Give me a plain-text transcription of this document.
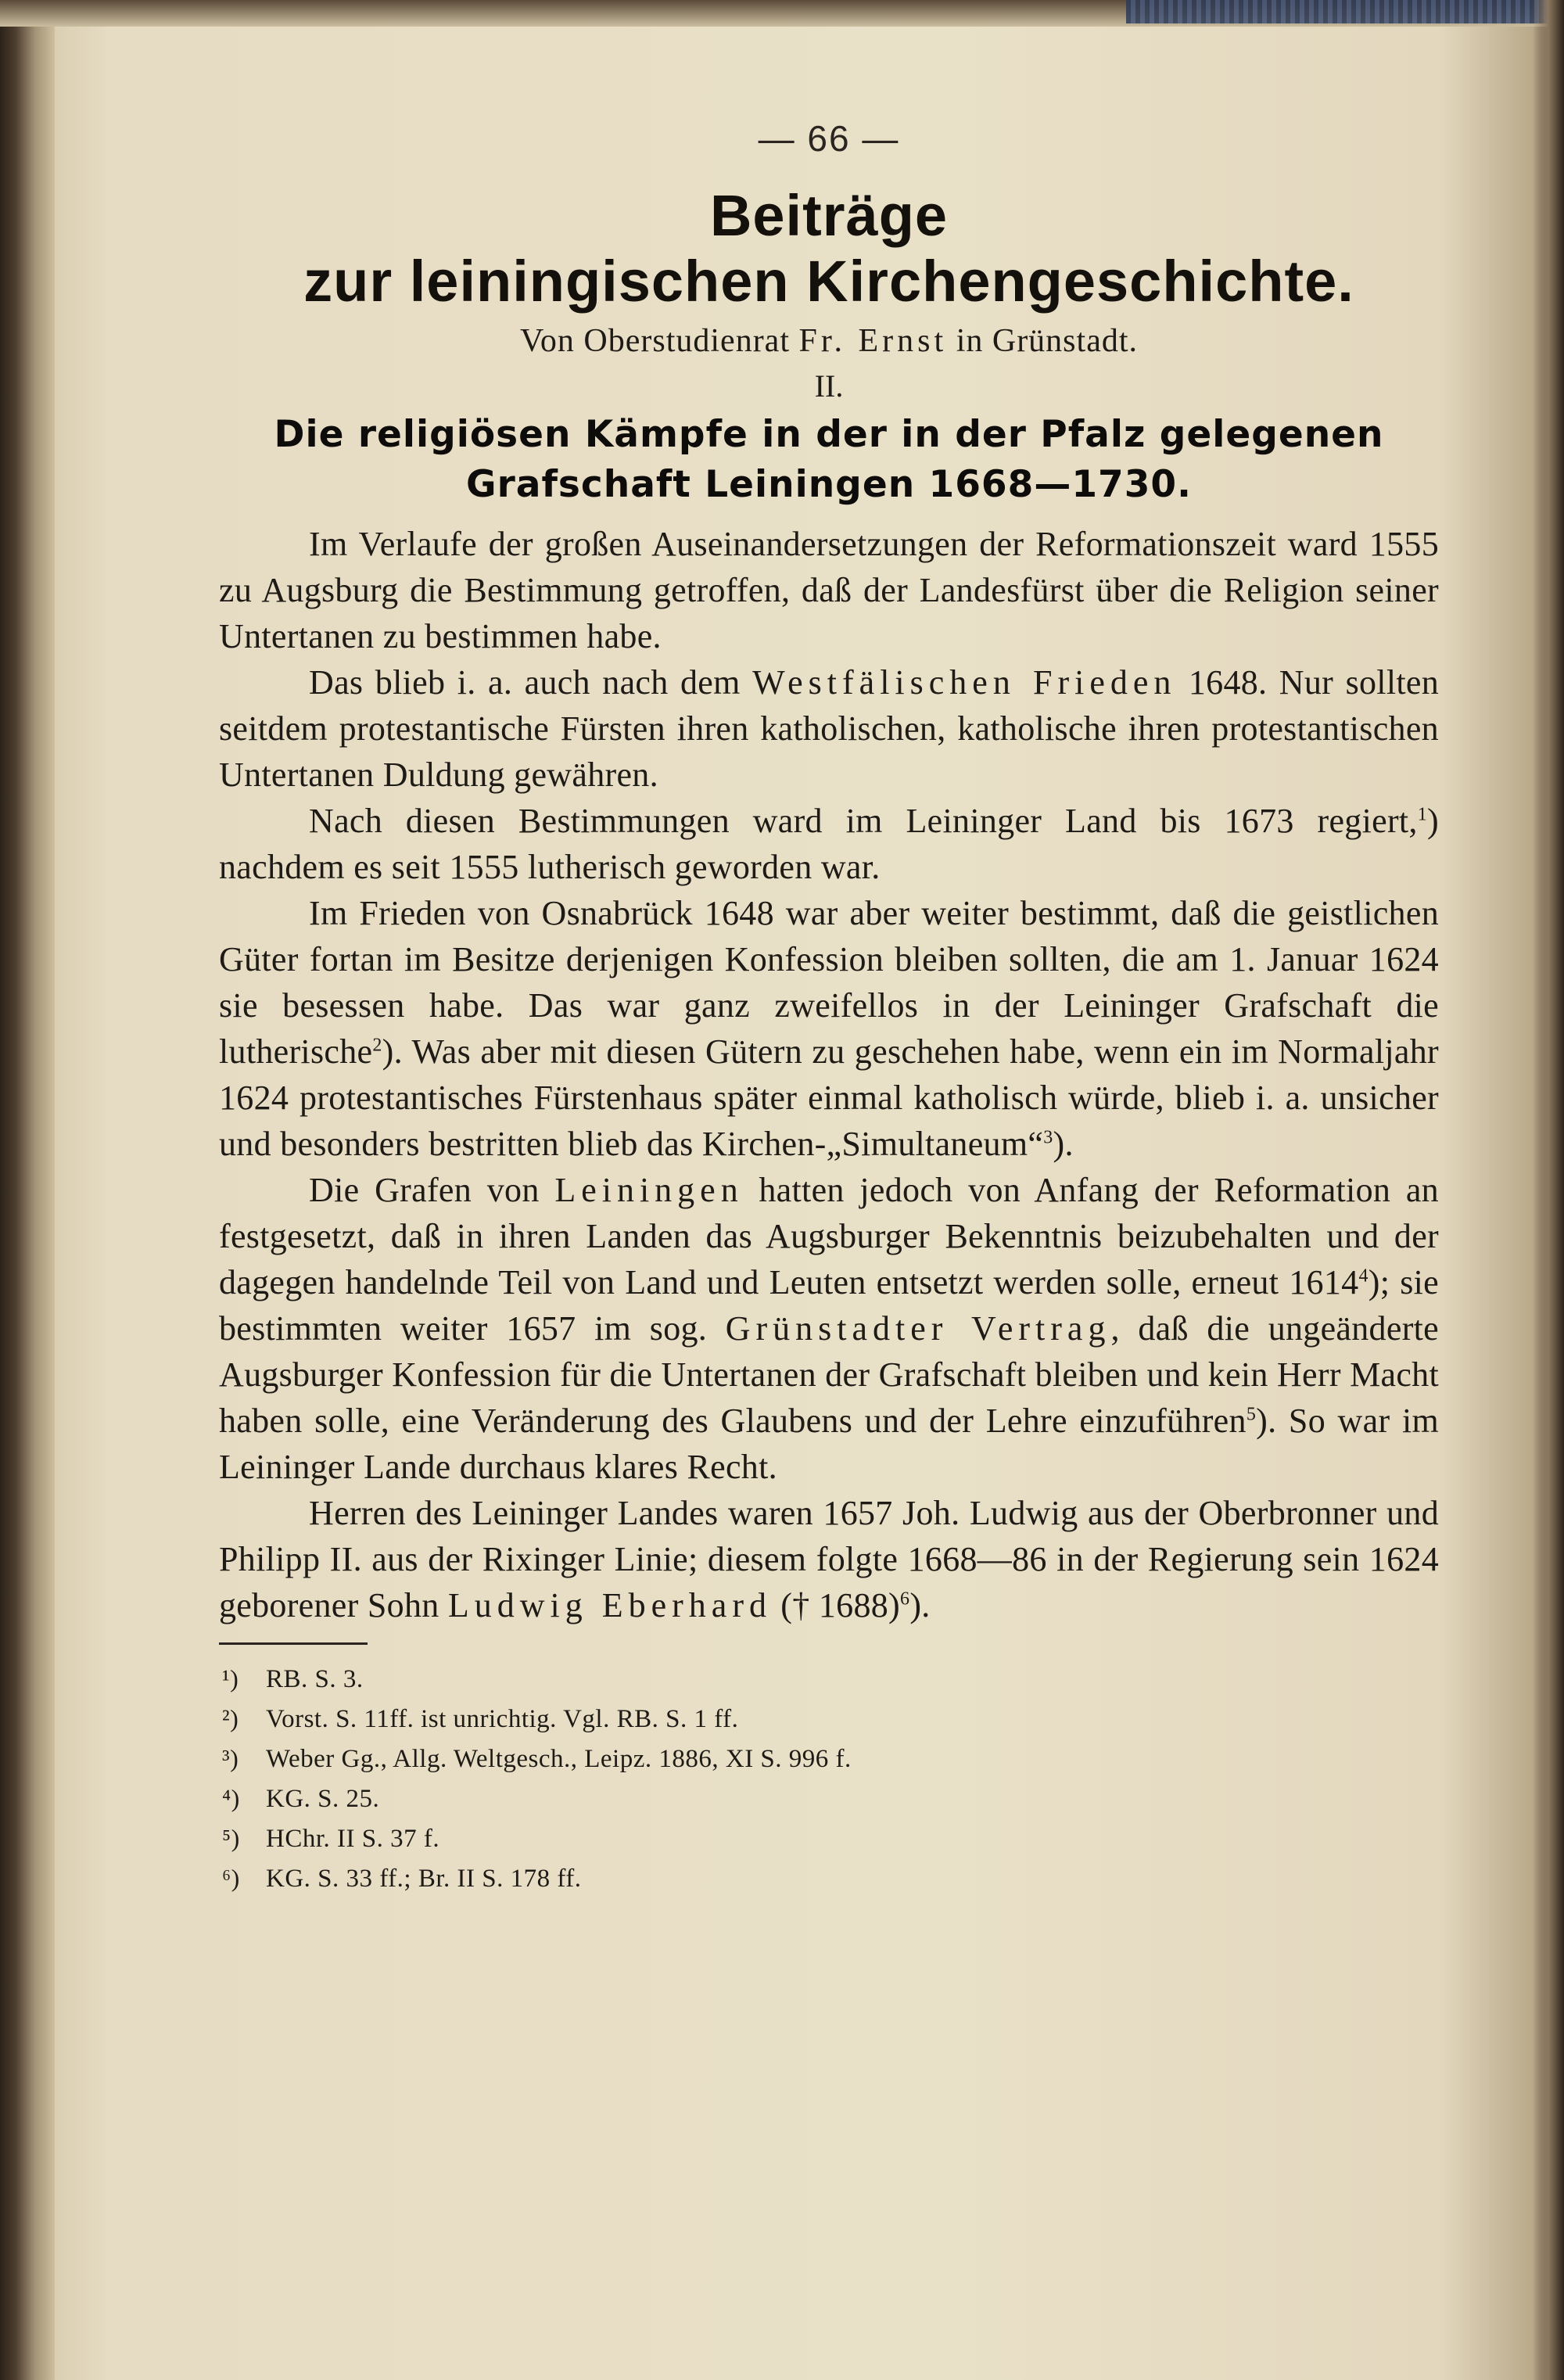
— 66 —

Beiträge
zur leiningischen Kirchengeschichte.

Von Oberstudienrat Fr. Ernst in Grünstadt.

II.

Die religiösen Kämpfe in der in der Pfalz gelegenen
Grafschaft Leiningen 1668—1730.

Im Verlaufe der großen Auseinandersetzungen der Reformationszeit ward 1555 zu Augsburg die Bestimmung getroffen, daß der Landesfürst über die Religion seiner Untertanen zu bestimmen habe.

Das blieb i. a. auch nach dem Westfälischen Frieden 1648. Nur sollten seitdem protestantische Fürsten ihren katholischen, katholische ihren protestantischen Untertanen Duldung gewähren.

Nach diesen Bestimmungen ward im Leininger Land bis 1673 regiert,$^1$) nachdem es seit 1555 lutherisch geworden war.

Im Frieden von Osnabrück 1648 war aber weiter bestimmt, daß die geistlichen Güter fortan im Besitze derjenigen Konfession bleiben sollten, die am 1. Januar 1624 sie besessen habe. Das war ganz zweifellos in der Leininger Grafschaft die lutherische$^2$). Was aber mit diesen Gütern zu geschehen habe, wenn ein im Normaljahr 1624 protestantisches Fürstenhaus später einmal katholisch würde, blieb i. a. unsicher und besonders bestritten blieb das Kirchen-„Simultaneum“$^3$).

Die Grafen von Leiningen hatten jedoch von Anfang der Reformation an festgesetzt, daß in ihren Landen das Augsburger Bekenntnis beizubehalten und der dagegen handelnde Teil von Land und Leuten entsetzt werden solle, erneut 1614$^4$); sie bestimmten weiter 1657 im sog. Grünstadter Vertrag, daß die ungeänderte Augsburger Konfession für die Untertanen der Grafschaft bleiben und kein Herr Macht haben solle, eine Veränderung des Glaubens und der Lehre einzuführen$^5$). So war im Leininger Lande durchaus klares Recht.

Herren des Leininger Landes waren 1657 Joh. Ludwig aus der Oberbronner und Philipp II. aus der Rixinger Linie; diesem folgte 1668—86 in der Regierung sein 1624 geborener Sohn Ludwig Eberhard († 1688)$^6$).

¹) RB. S. 3.
²) Vorst. S. 11ff. ist unrichtig. Vgl. RB. S. 1 ff.
³) Weber Gg., Allg. Weltgesch., Leipz. 1886, XI S. 996 f.
⁴) KG. S. 25.
⁵) HChr. II S. 37 f.
⁶) KG. S. 33 ff.; Br. II S. 178 ff.
